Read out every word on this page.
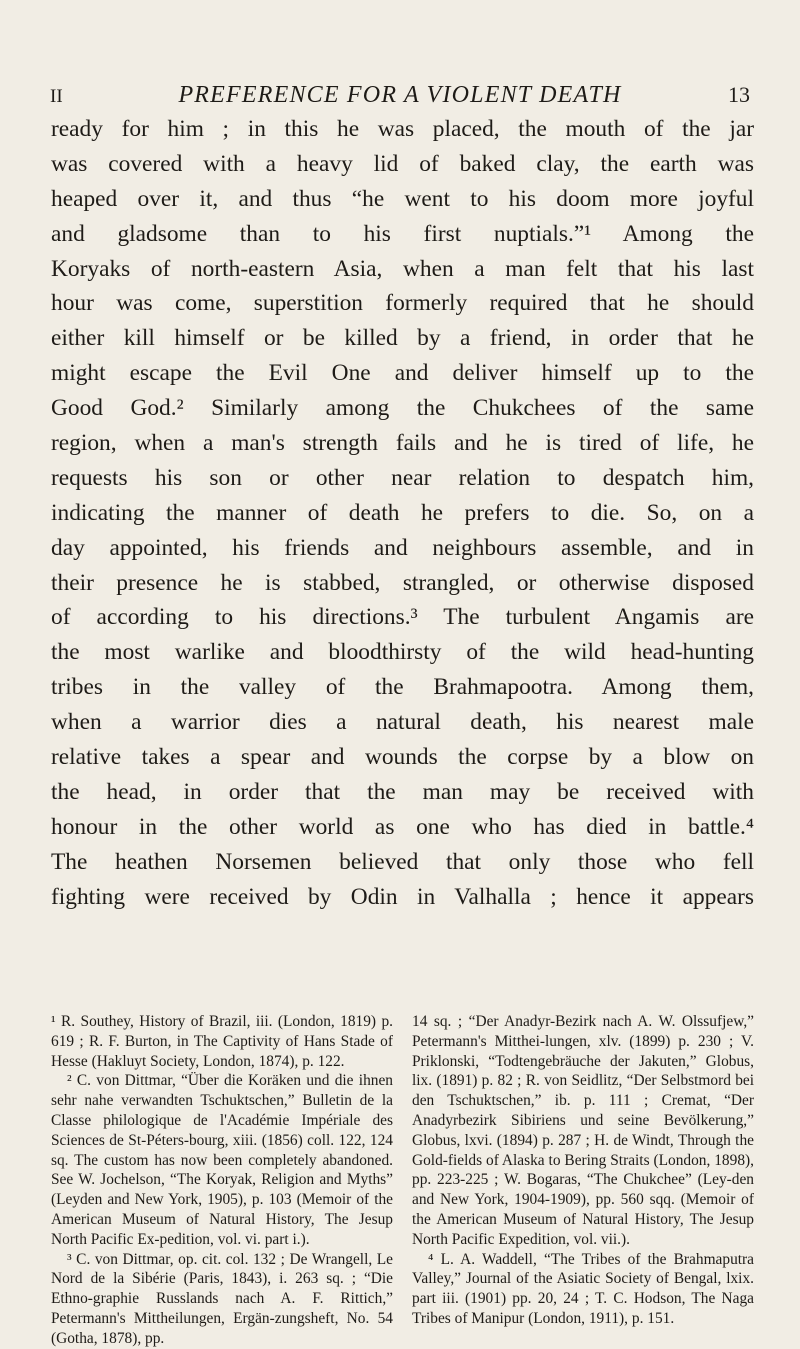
II	PREFERENCE FOR A VIOLENT DEATH	13
ready for him ; in this he was placed, the mouth of the jar
was covered with a heavy lid of baked clay, the earth was
heaped over it, and thus “he went to his doom more joyful
and gladsome than to his first nuptials.”¹ Among the
Koryaks of north-eastern Asia, when a man felt that his last
hour was come, superstition formerly required that he should
either kill himself or be killed by a friend, in order that he
might escape the Evil One and deliver himself up to the
Good God.² Similarly among the Chukchees of the same
region, when a man's strength fails and he is tired of life, he
requests his son or other near relation to despatch him,
indicating the manner of death he prefers to die. So, on a
day appointed, his friends and neighbours assemble, and in
their presence he is stabbed, strangled, or otherwise disposed
of according to his directions.³ The turbulent Angamis are
the most warlike and bloodthirsty of the wild head-hunting
tribes in the valley of the Brahmapootra. Among them,
when a warrior dies a natural death, his nearest male
relative takes a spear and wounds the corpse by a blow on
the head, in order that the man may be received with
honour in the other world as one who has died in battle.⁴
The heathen Norsemen believed that only those who fell
fighting were received by Odin in Valhalla ; hence it appears

¹ R. Southey, History of Brazil, iii. (London, 1819) p. 619 ; R. F. Burton, in The Captivity of Hans Stade of Hesse (Hakluyt Society, London, 1874), p. 122.

² C. von Dittmar, “Über die Koräken und die ihnen sehr nahe verwandten Tschuktschen,” Bulletin de la Classe philologique de l'Académie Impériale des Sciences de St-Péters-bourg, xiii. (1856) coll. 122, 124 sq. The custom has now been completely abandoned. See W. Jochelson, “The Koryak, Religion and Myths” (Leyden and New York, 1905), p. 103 (Memoir of the American Museum of Natural History, The Jesup North Pacific Ex-pedition, vol. vi. part i.).

³ C. von Dittmar, op. cit. col. 132 ; De Wrangell, Le Nord de la Sibérie (Paris, 1843), i. 263 sq. ; “Die Ethno-graphie Russlands nach A. F. Rittich,” Petermann's Mittheilungen, Ergän-zungsheft, No. 54 (Gotha, 1878), pp.

14 sq. ; “Der Anadyr-Bezirk nach A. W. Olssufjew,” Petermann's Mitthei-lungen, xlv. (1899) p. 230 ; V. Priklonski, “Todtengebräuche der Jakuten,” Globus, lix. (1891) p. 82 ; R. von Seidlitz, “Der Selbstmord bei den Tschuktschen,” ib. p. 111 ; Cremat, “Der Anadyrbezirk Sibiriens und seine Bevölkerung,” Globus, lxvi. (1894) p. 287 ; H. de Windt, Through the Gold-fields of Alaska to Bering Straits (London, 1898), pp. 223-225 ; W. Bogaras, “The Chukchee” (Ley-den and New York, 1904-1909), pp. 560 sqq. (Memoir of the American Museum of Natural History, The Jesup North Pacific Expedition, vol. vii.).

⁴ L. A. Waddell, “The Tribes of the Brahmaputra Valley,” Journal of the Asiatic Society of Bengal, lxix. part iii. (1901) pp. 20, 24 ; T. C. Hodson, The Naga Tribes of Manipur (London, 1911), p. 151.
